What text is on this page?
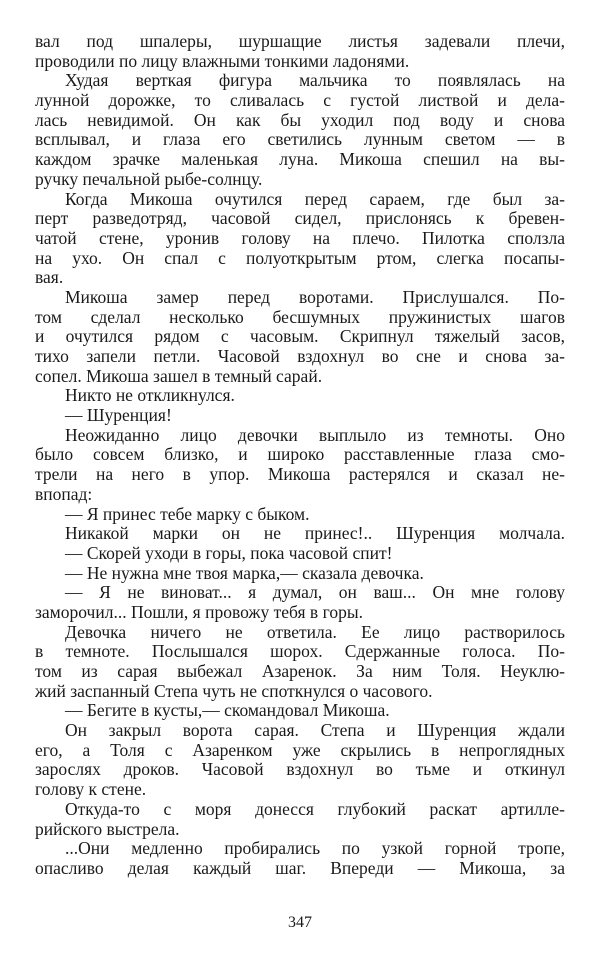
вал под шпалеры, шуршащие листья задевали плечи,
проводили по лицу влажными тонкими ладонями.
Худая верткая фигура мальчика то появлялась на
лунной дорожке, то сливалась с густой листвой и дела-
лась невидимой. Он как бы уходил под воду и снова
всплывал, и глаза его светились лунным светом — в
каждом зрачке маленькая луна. Микоша спешил на вы-
ручку печальной рыбе-солнцу.
Когда Микоша очутился перед сараем, где был за-
перт разведотряд, часовой сидел, прислонясь к бревен-
чатой стене, уронив голову на плечо. Пилотка сползла
на ухо. Он спал с полуоткрытым ртом, слегка посапы-
вая.
Микоша замер перед воротами. Прислушался. По-
том сделал несколько бесшумных пружинистых шагов
и очутился рядом с часовым. Скрипнул тяжелый засов,
тихо запели петли. Часовой вздохнул во сне и снова за-
сопел. Микоша зашел в темный сарай.
Никто не откликнулся.
— Шуренция!
Неожиданно лицо девочки выплыло из темноты. Оно
было совсем близко, и широко расставленные глаза смо-
трели на него в упор. Микоша растерялся и сказал не-
впопад:
— Я принес тебе марку с быком.
Никакой марки он не принес!.. Шуренция молчала.
— Скорей уходи в горы, пока часовой спит!
— Не нужна мне твоя марка,— сказала девочка.
— Я не виноват... я думал, он ваш... Он мне голову
заморочил... Пошли, я провожу тебя в горы.
Девочка ничего не ответила. Ее лицо растворилось
в темноте. Послышался шорох. Сдержанные голоса. По-
том из сарая выбежал Азаренок. За ним Толя. Неуклю-
жий заспанный Степа чуть не споткнулся о часового.
— Бегите в кусты,— скомандовал Микоша.
Он закрыл ворота сарая. Степа и Шуренция ждали
его, а Толя с Азаренком уже скрылись в непроглядных
зарослях дроков. Часовой вздохнул во тьме и откинул
голову к стене.
Откуда-то с моря донесся глубокий раскат артилле-
рийского выстрела.
...Они медленно пробирались по узкой горной тропе,
опасливо делая каждый шаг. Впереди — Микоша, за
347
